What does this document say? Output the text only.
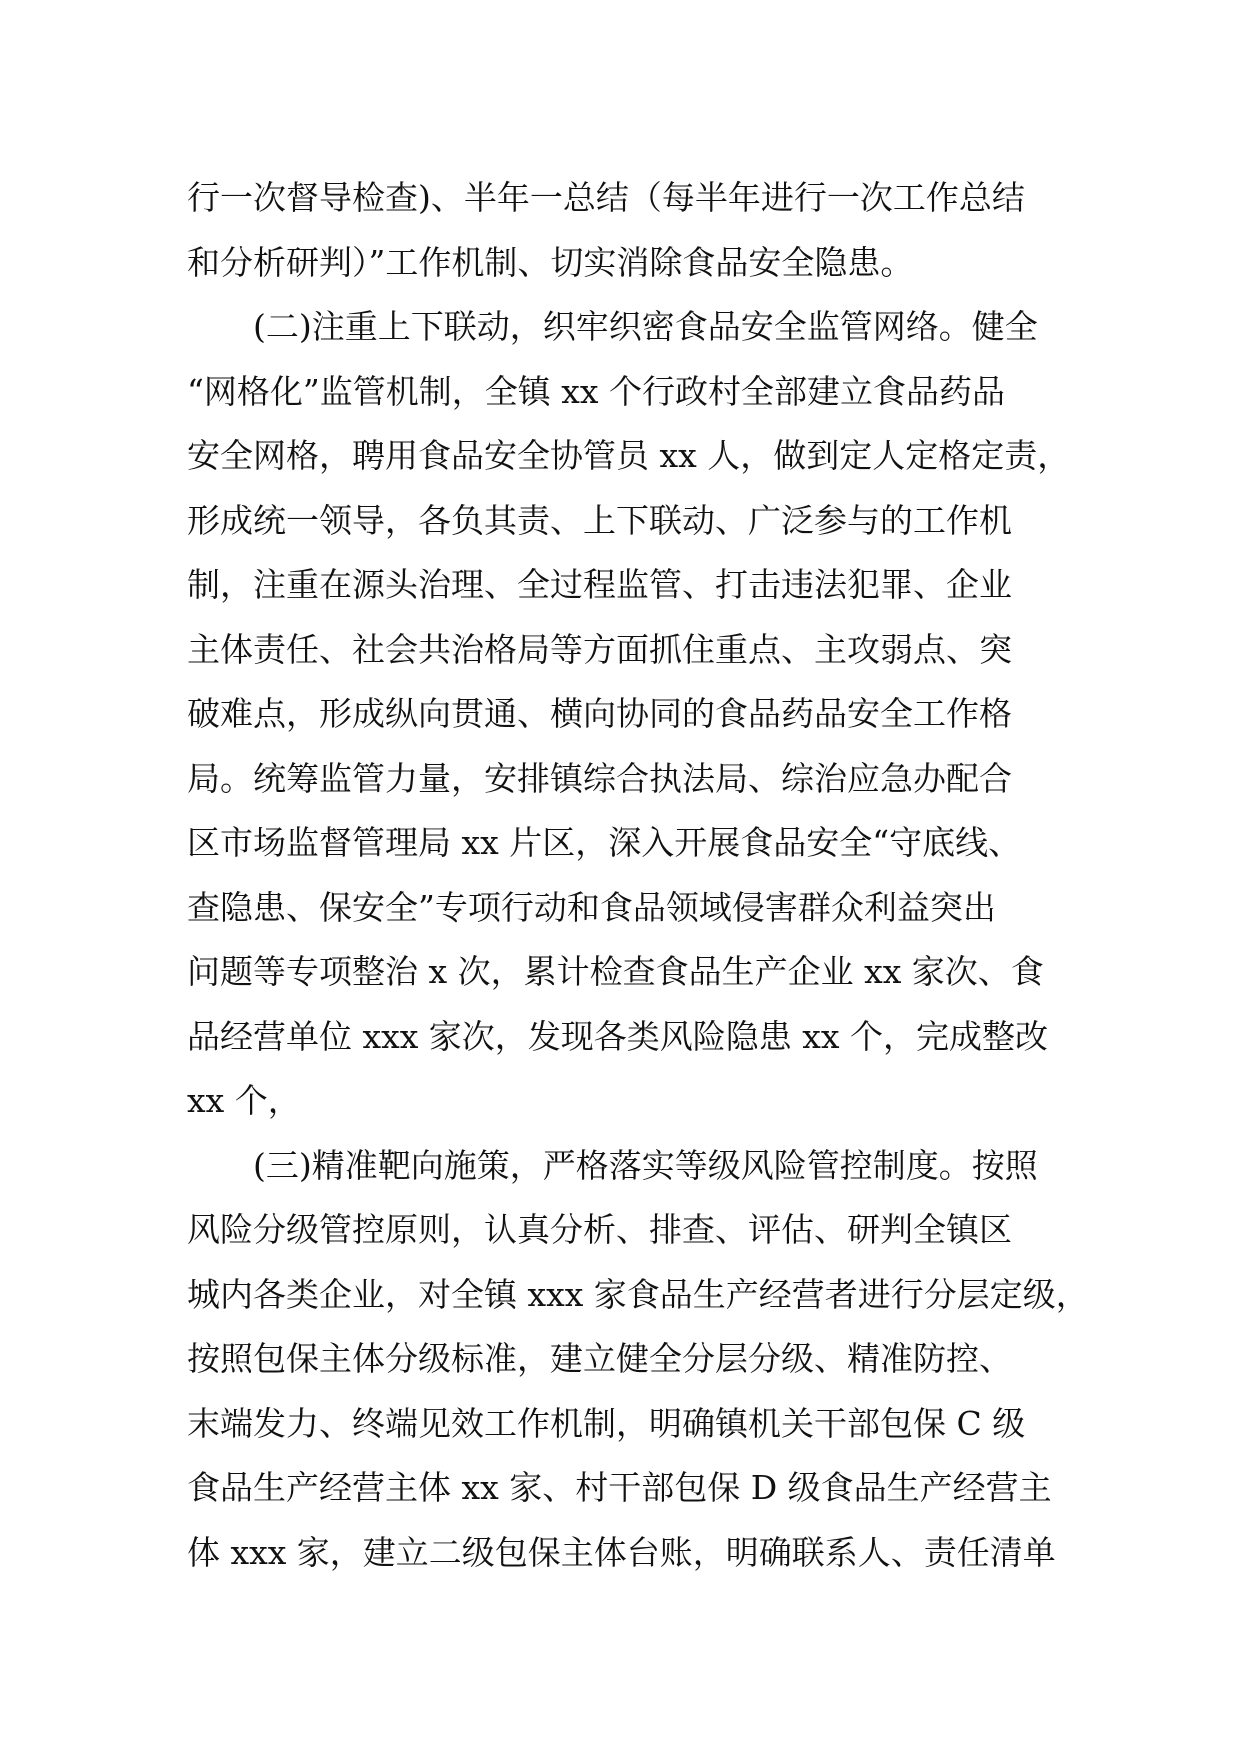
行一次督导检查)、半年一总结（每半年进行一次工作总结
和分析研判）”工作机制、切实消除食品安全隐患。
(二)注重上下联动，织牢织密食品安全监管网络。健全
“网格化”监管机制，全镇 xx 个行政村全部建立食品药品
安全网格，聘用食品安全协管员 xx 人，做到定人定格定责，
形成统一领导，各负其责、上下联动、广泛参与的工作机
制，注重在源头治理、全过程监管、打击违法犯罪、企业
主体责任、社会共治格局等方面抓住重点、主攻弱点、突
破难点，形成纵向贯通、横向协同的食品药品安全工作格
局。统筹监管力量，安排镇综合执法局、综治应急办配合
区市场监督管理局 xx 片区，深入开展食品安全“守底线、
查隐患、保安全”专项行动和食品领域侵害群众利益突出
问题等专项整治 x 次，累计检查食品生产企业 xx 家次、食
品经营单位 xxx 家次，发现各类风险隐患 xx 个，完成整改
xx 个，
(三)精准靶向施策，严格落实等级风险管控制度。按照
风险分级管控原则，认真分析、排查、评估、研判全镇区
城内各类企业，对全镇 xxx 家食品生产经营者进行分层定级，
按照包保主体分级标准，建立健全分层分级、精准防控、
末端发力、终端见效工作机制，明确镇机关干部包保 C 级
食品生产经营主体 xx 家、村干部包保 D 级食品生产经营主
体 xxx 家，建立二级包保主体台账，明确联系人、责任清单
